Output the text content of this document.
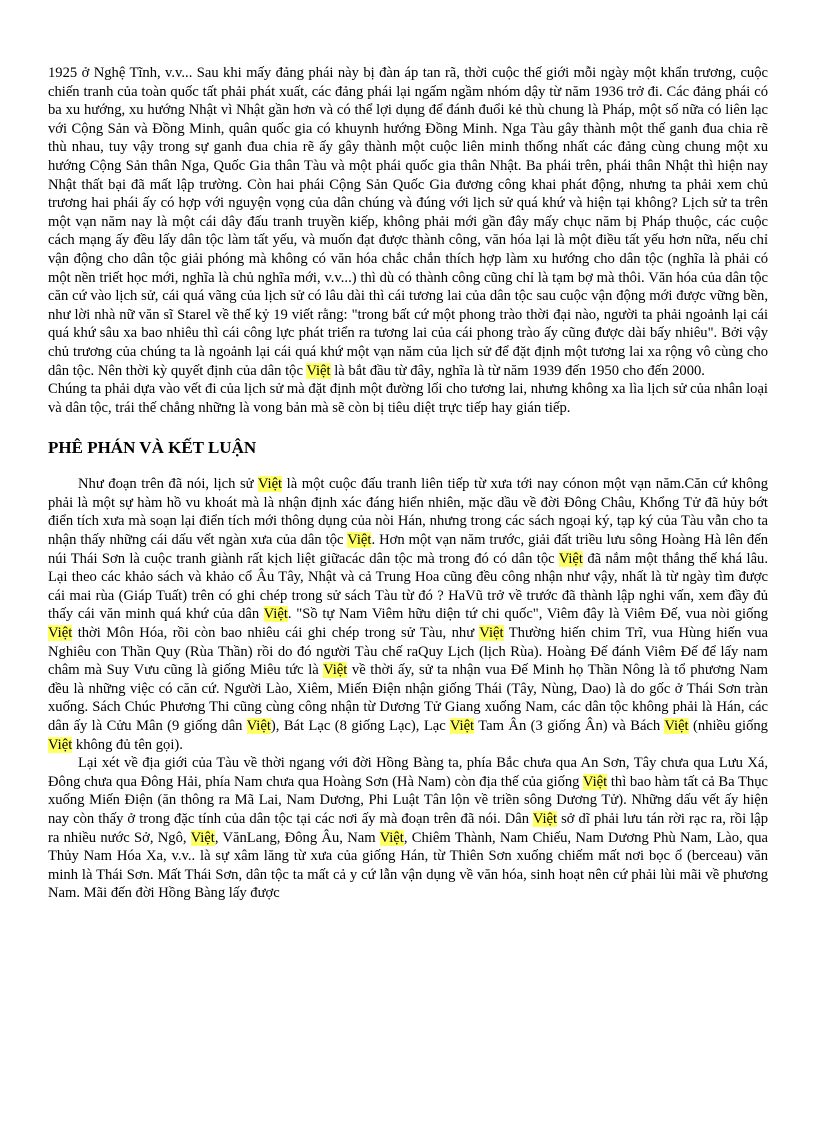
1925 ở Nghệ Tĩnh, v.v... Sau khi mấy đảng phái này bị đàn áp tan rã, thời cuộc thế giới mỗi ngày một khẩn trương, cuộc chiến tranh của toàn quốc tất phải phát xuất, các đảng phái lại ngấm ngầm nhóm dậy từ năm 1936 trở đi. Các đảng phái có ba xu hướng, xu hướng Nhật vì Nhật gần hơn và có thể lợi dụng để đánh đuổi kẻ thù chung là Pháp, một số nữa có liên lạc với Cộng Sản và Đồng Minh, quân quốc gia có khuynh hướng Đồng Minh. Nga Tàu gây thành một thế ganh đua chia rẽ thù nhau, tuy vậy trong sự ganh đua chia rẽ ấy gây thành một cuộc liên minh thống nhất các đảng cùng chung một xu hướng Cộng Sản thân Nga, Quốc Gia thân Tàu và một phái quốc gia thân Nhật. Ba phái trên, phái thân Nhật thì hiện nay Nhật thất bại đã mất lập trường. Còn hai phái Cộng Sản Quốc Gia đương công khai phát động, nhưng ta phải xem chủ trương hai phái ấy có hợp với nguyện vọng của dân chúng và đúng với lịch sử quá khứ và hiện tại không? Lịch sử ta trên một vạn năm nay là một cái dây đấu tranh truyền kiếp, không phải mới gần đây mấy chục năm bị Pháp thuộc, các cuộc cách mạng ấy đều lấy dân tộc làm tất yếu, và muốn đạt được thành công, văn hóa lại là một điều tất yếu hơn nữa, nếu chỉ vận động cho dân tộc giải phóng mà không có văn hóa chắc chắn thích hợp làm xu hướng cho dân tộc (nghĩa là phải có một nền triết học mới, nghĩa là chủ nghĩa mới, v.v...) thì dù có thành công cũng chỉ là tạm bợ mà thôi. Văn hóa của dân tộc căn cứ vào lịch sử, cái quá vãng của lịch sử có lâu dài thì cái tương lai của dân tộc sau cuộc vận động mới được vững bền, như lời nhà nữ văn sĩ Starel về thế kỷ 19 viết rằng: "trong bất cứ một phong trào thời đại nào, người ta phải ngoảnh lại cái quá khứ sâu xa bao nhiêu thì cái công lực phát triển ra tương lai của cái phong trào ấy cũng được dài bấy nhiêu". Bởi vậy chủ trương của chúng ta là ngoảnh lại cái quá khứ một vạn năm của lịch sử để đặt định một tương lai xa rộng vô cùng cho dân tộc. Nên thời kỳ quyết định của dân tộc Việt là bắt đầu từ đây, nghĩa là từ năm 1939 đến 1950 cho đến 2000.

Chúng ta phải dựa vào vết đi của lịch sử mà đặt định một đường lối cho tương lai, nhưng không xa lìa lịch sử của nhân loại và dân tộc, trái thế chẳng những là vong bản mà sẽ còn bị tiêu diệt trực tiếp hay gián tiếp.

PHÊ PHÁN VÀ KẾT LUẬN

Như đoạn trên đã nói, lịch sử Việt là một cuộc đấu tranh liên tiếp từ xưa tới nay cónon một vạn năm.Căn cứ không phải là một sự hàm hồ vu khoát mà là nhận định xác đáng hiển nhiên, mặc dầu về đời Đông Châu, Khổng Tử đã hủy bớt điển tích xưa mà soạn lại điển tích mới thông dụng của nòi Hán, nhưng trong các sách ngoại ký, tạp ký của Tàu vẫn cho ta nhận thấy những cái dấu vết ngàn xưa của dân tộc Việt. Hơn một vạn năm trước, giải đất triều lưu sông Hoàng Hà lên đến núi Thái Sơn là cuộc tranh giành rất kịch liệt giữacác dân tộc mà trong đó có dân tộc Việt đã nắm một thắng thế khá lâu. Lại theo các khảo sách và khảo cổ Âu Tây, Nhật và cả Trung Hoa cũng đều công nhận như vậy, nhất là từ ngày tìm được cái mai rùa (Giáp Tuất) trên có ghi chép trong sử sách Tàu từ đó ? HaVũ trở về trước đã thành lập nghi vấn, xem đầy đủ thấy cái văn minh quá khứ của dân Việt. "Sồ tự Nam Viêm hữu diện tứ chi quốc", Viêm đây là Viêm Đế, vua nòi giống Việt thời Môn Hóa, rồi còn bao nhiêu cái ghi chép trong sử Tàu, như Việt Thường hiến chim Trĩ, vua Hùng hiến vua Nghiêu con Thần Quy (Rùa Thần) rồi do đó người Tàu chế raQuy Lịch (lịch Rùa). Hoàng Đế đánh Viêm Đế để lấy nam châm mà Suy Vưu cũng là giống Miêu tức là Việt về thời ấy, sử ta nhận vua Đế Minh họ Thần Nông là tổ phương Nam đều là những việc có căn cứ. Người Lào, Xiêm, Miến Điện nhận giống Thái (Tây, Nùng, Dao) là do gốc ở Thái Sơn tràn xuống. Sách Chúc Phương Thi cũng cùng công nhận từ Dương Tử Giang xuống Nam, các dân tộc không phải là Hán, các dân ấy là Cửu Mân (9 giống dân Việt), Bát Lạc (8 giống Lạc), Lạc Việt Tam Ân (3 giống Ân) và Bách Việt (nhiều giống Việt không đủ tên gọi).

Lại xét về địa giới của Tàu về thời ngang với đời Hồng Bàng ta, phía Bắc chưa qua An Sơn, Tây chưa qua Lưu Xá, Đông chưa qua Đông Hải, phía Nam chưa qua Hoàng Sơn (Hà Nam) còn địa thế của giống Việt thì bao hàm tất cả Ba Thục xuống Miến Điện (ăn thông ra Mã Lai, Nam Dương, Phi Luật Tân lộn về triền sông Dương Tử). Những dấu vết ấy hiện nay còn thấy ở trong đặc tính của dân tộc tại các nơi ấy mà đoạn trên đã nói. Dân Việt sở dĩ phải lưu tán rời rạc ra, rồi lập ra nhiều nước Sở, Ngô, Việt, VănLang, Đông Âu, Nam Việt, Chiêm Thành, Nam Chiếu, Nam Dương Phù Nam, Lào, qua Thủy Nam Hóa Xa, v.v.. là sự xâm lăng từ xưa của giống Hán, từ Thiên Sơn xuống chiếm mất nơi bọc ổ (berceau) văn minh là Thái Sơn. Mất Thái Sơn, dân tộc ta mất cả y cứ lẫn vận dụng về văn hóa, sinh hoạt nên cứ phải lùi mãi về phương Nam. Mãi đến đời Hồng Bàng lấy được
